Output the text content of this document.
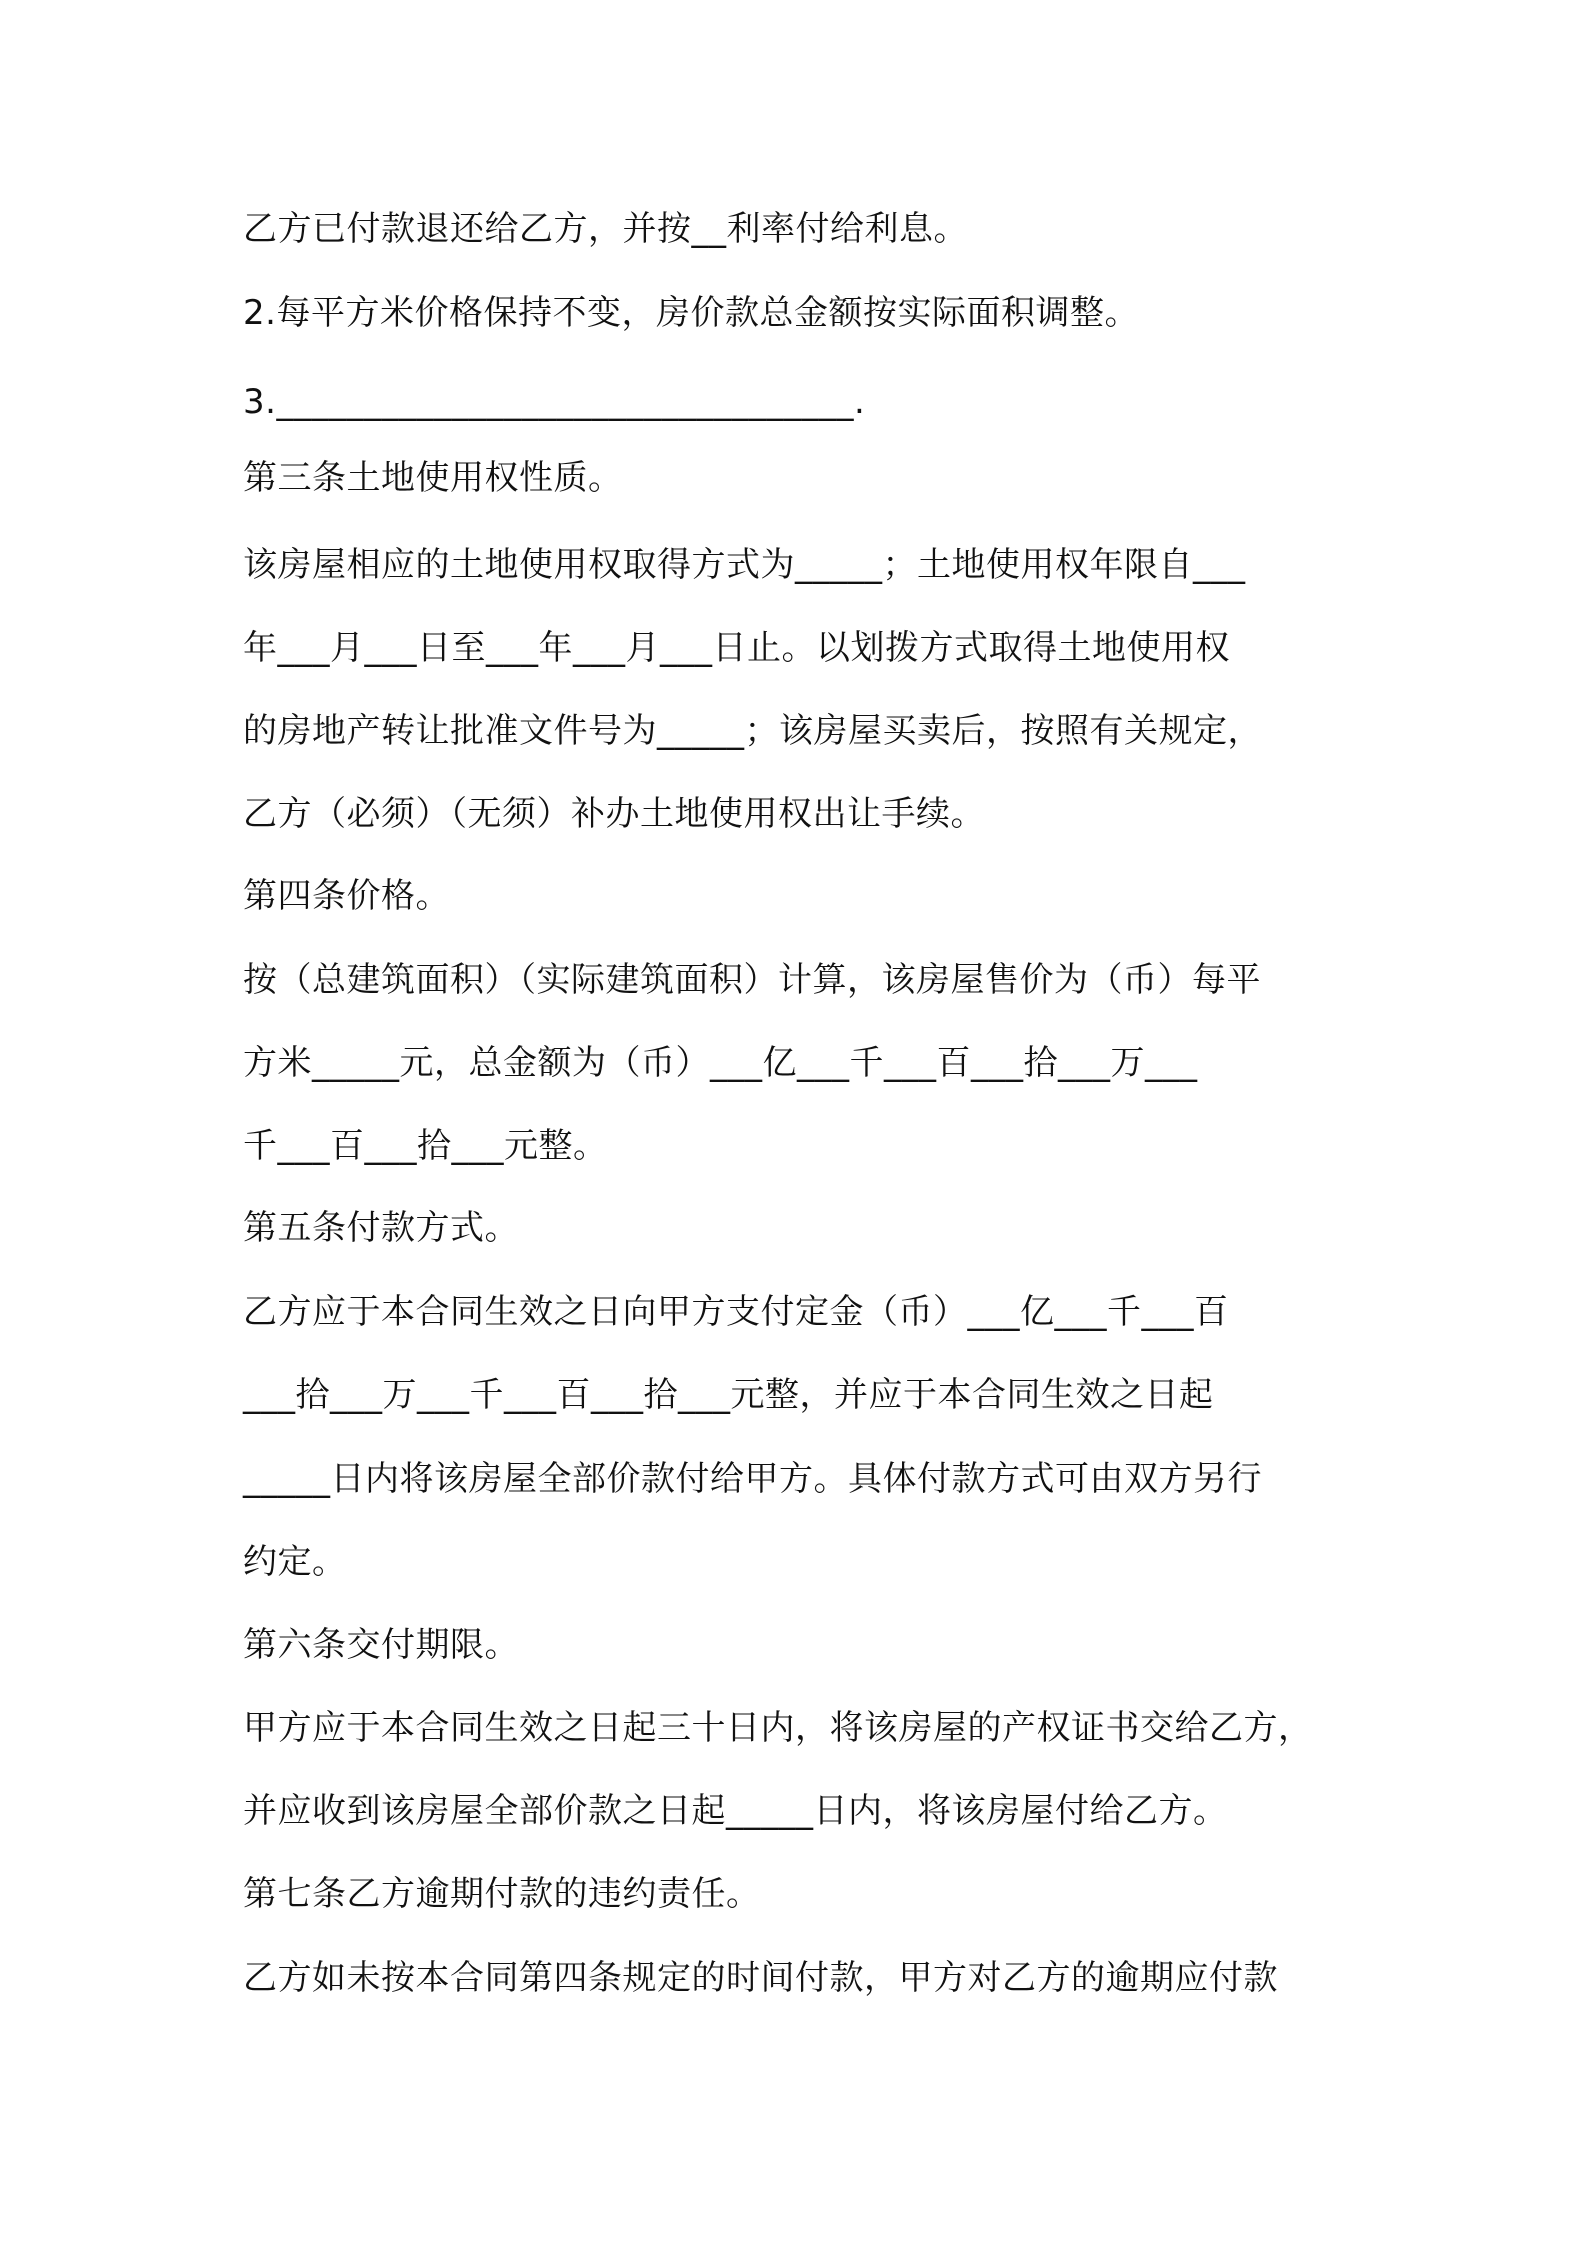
乙方已付款退还给乙方，并按__利率付给利息。
2.每平方米价格保持不变，房价款总金额按实际面积调整。
3._________________________________.
第三条土地使用权性质。
该房屋相应的土地使用权取得方式为_____；土地使用权年限自___
年___月___日至___年___月___日止。以划拨方式取得土地使用权
的房地产转让批准文件号为_____；该房屋买卖后，按照有关规定，
乙方（必须）（无须）补办土地使用权出让手续。
第四条价格。
按（总建筑面积）（实际建筑面积）计算，该房屋售价为（币）每平
方米_____元，总金额为（币）___亿___千___百___拾___万___
千___百___拾___元整。
第五条付款方式。
乙方应于本合同生效之日向甲方支付定金（币）___亿___千___百
___拾___万___千___百___拾___元整，并应于本合同生效之日起
_____日内将该房屋全部价款付给甲方。具体付款方式可由双方另行
约定。
第六条交付期限。
甲方应于本合同生效之日起三十日内，将该房屋的产权证书交给乙方，
并应收到该房屋全部价款之日起_____日内，将该房屋付给乙方。
第七条乙方逾期付款的违约责任。
乙方如未按本合同第四条规定的时间付款，甲方对乙方的逾期应付款
